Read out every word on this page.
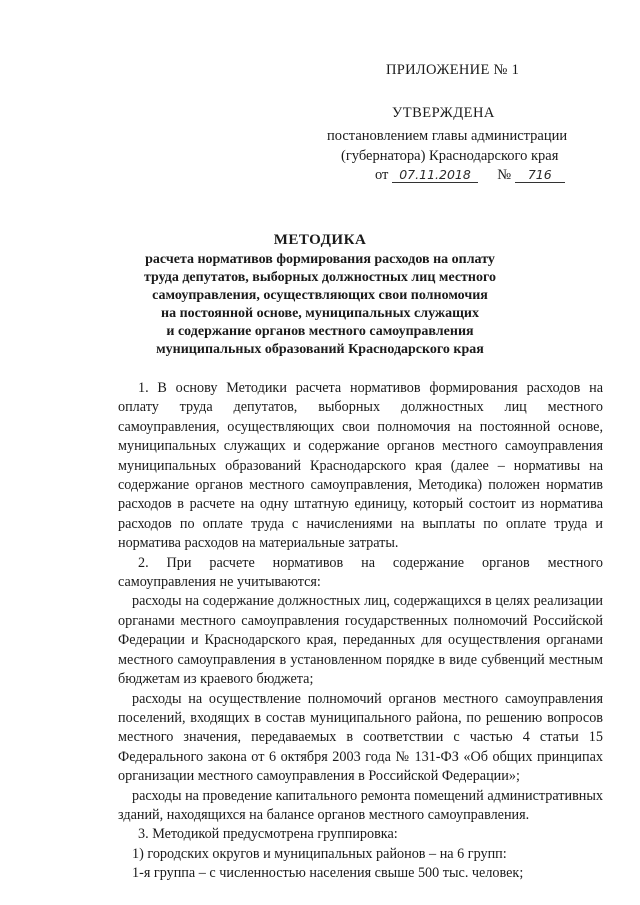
ПРИЛОЖЕНИЕ № 1
УТВЕРЖДЕНА
постановлением главы администрации
(губернатора) Краснодарского края
от 07.11.2018 № 716
МЕТОДИКА
расчета нормативов формирования расходов на оплату
труда депутатов, выборных должностных лиц местного
самоуправления, осуществляющих свои полномочия
на постоянной основе, муниципальных служащих
и содержание органов местного самоуправления
муниципальных образований Краснодарского края

1. В основу Методики расчета нормативов формирования расходов на оплату труда депутатов, выборных должностных лиц местного самоуправления, осуществляющих свои полномочия на постоянной основе, муниципальных служащих и содержание органов местного самоуправления муниципальных образований Краснодарского края (далее – нормативы на содержание органов местного самоуправления, Методика) положен норматив расходов в расчете на одну штатную единицу, который состоит из норматива расходов по оплате труда с начислениями на выплаты по оплате труда и норматива расходов на материальные затраты.

2. При расчете нормативов на содержание органов местного самоуправления не учитываются:

расходы на содержание должностных лиц, содержащихся в целях реализации органами местного самоуправления государственных полномочий Российской Федерации и Краснодарского края, переданных для осуществления органами местного самоуправления в установленном порядке в виде субвенций местным бюджетам из краевого бюджета;

расходы на осуществление полномочий органов местного самоуправления поселений, входящих в состав муниципального района, по решению вопросов местного значения, передаваемых в соответствии с частью 4 статьи 15 Федерального закона от 6 октября 2003 года № 131-ФЗ «Об общих принципах организации местного самоуправления в Российской Федерации»;

расходы на проведение капитального ремонта помещений административных зданий, находящихся на балансе органов местного самоуправления.

3. Методикой предусмотрена группировка:

1) городских округов и муниципальных районов – на 6 групп:

1-я группа – с численностью населения свыше 500 тыс. человек;
